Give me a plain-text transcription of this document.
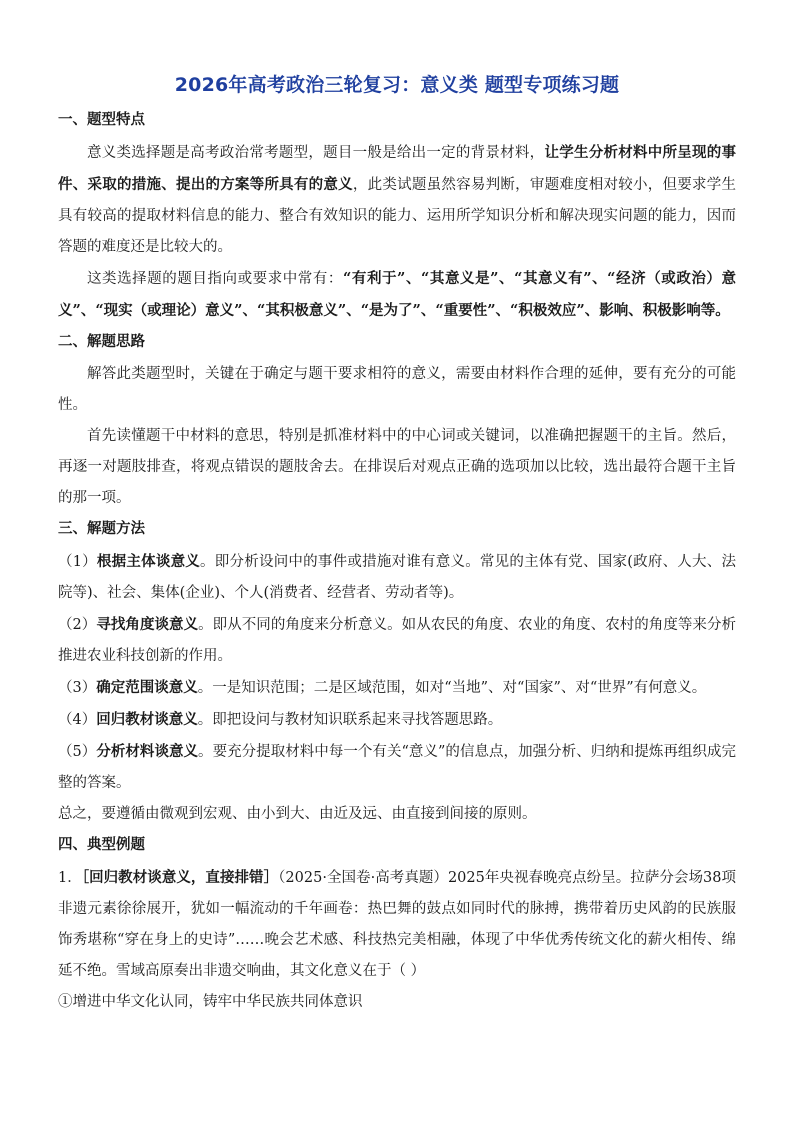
2026年高考政治三轮复习：意义类 题型专项练习题
一、题型特点

意义类选择题是高考政治常考题型，题目一般是给出一定的背景材料，让学生分析材料中所呈现的事件、采取的措施、提出的方案等所具有的意义，此类试题虽然容易判断，审题难度相对较小，但要求学生具有较高的提取材料信息的能力、整合有效知识的能力、运用所学知识分析和解决现实问题的能力，因而答题的难度还是比较大的。

这类选择题的题目指向或要求中常有：“有利于”、“其意义是”、“其意义有”、“经济（或政治）意义”、“现实（或理论）意义”、“其积极意义”、“是为了”、“重要性”、“积极效应”、影响、积极影响等。

二、解题思路

解答此类题型时，关键在于确定与题干要求相符的意义，需要由材料作合理的延伸，要有充分的可能性。

首先读懂题干中材料的意思，特别是抓准材料中的中心词或关键词，以准确把握题干的主旨。然后，再逐一对题肢排查，将观点错误的题肢舍去。在排误后对观点正确的选项加以比较，选出最符合题干主旨的那一项。

三、解题方法

（1）根据主体谈意义。即分析设问中的事件或措施对谁有意义。常见的主体有党、国家(政府、人大、法院等)、社会、集体(企业)、个人(消费者、经营者、劳动者等)。

（2）寻找角度谈意义。即从不同的角度来分析意义。如从农民的角度、农业的角度、农村的角度等来分析推进农业科技创新的作用。

（3）确定范围谈意义。一是知识范围；二是区域范围，如对“当地”、对“国家”、对“世界”有何意义。

（4）回归教材谈意义。即把设问与教材知识联系起来寻找答题思路。

（5）分析材料谈意义。要充分提取材料中每一个有关“意义”的信息点，加强分析、归纳和提炼再组织成完整的答案。

总之，要遵循由微观到宏观、由小到大、由近及远、由直接到间接的原则。

四、典型例题

1．［回归教材谈意义，直接排错］（2025·全国卷·高考真题）2025年央视春晚亮点纷呈。拉萨分会场38项非遗元素徐徐展开，犹如一幅流动的千年画卷：热巴舞的鼓点如同时代的脉搏，携带着历史风韵的民族服饰秀堪称“穿在身上的史诗”……晚会艺术感、科技热完美相融，体现了中华优秀传统文化的薪火相传、绵延不绝。雪域高原奏出非遗交响曲，其文化意义在于（ ）

①增进中华文化认同，铸牢中华民族共同体意识
